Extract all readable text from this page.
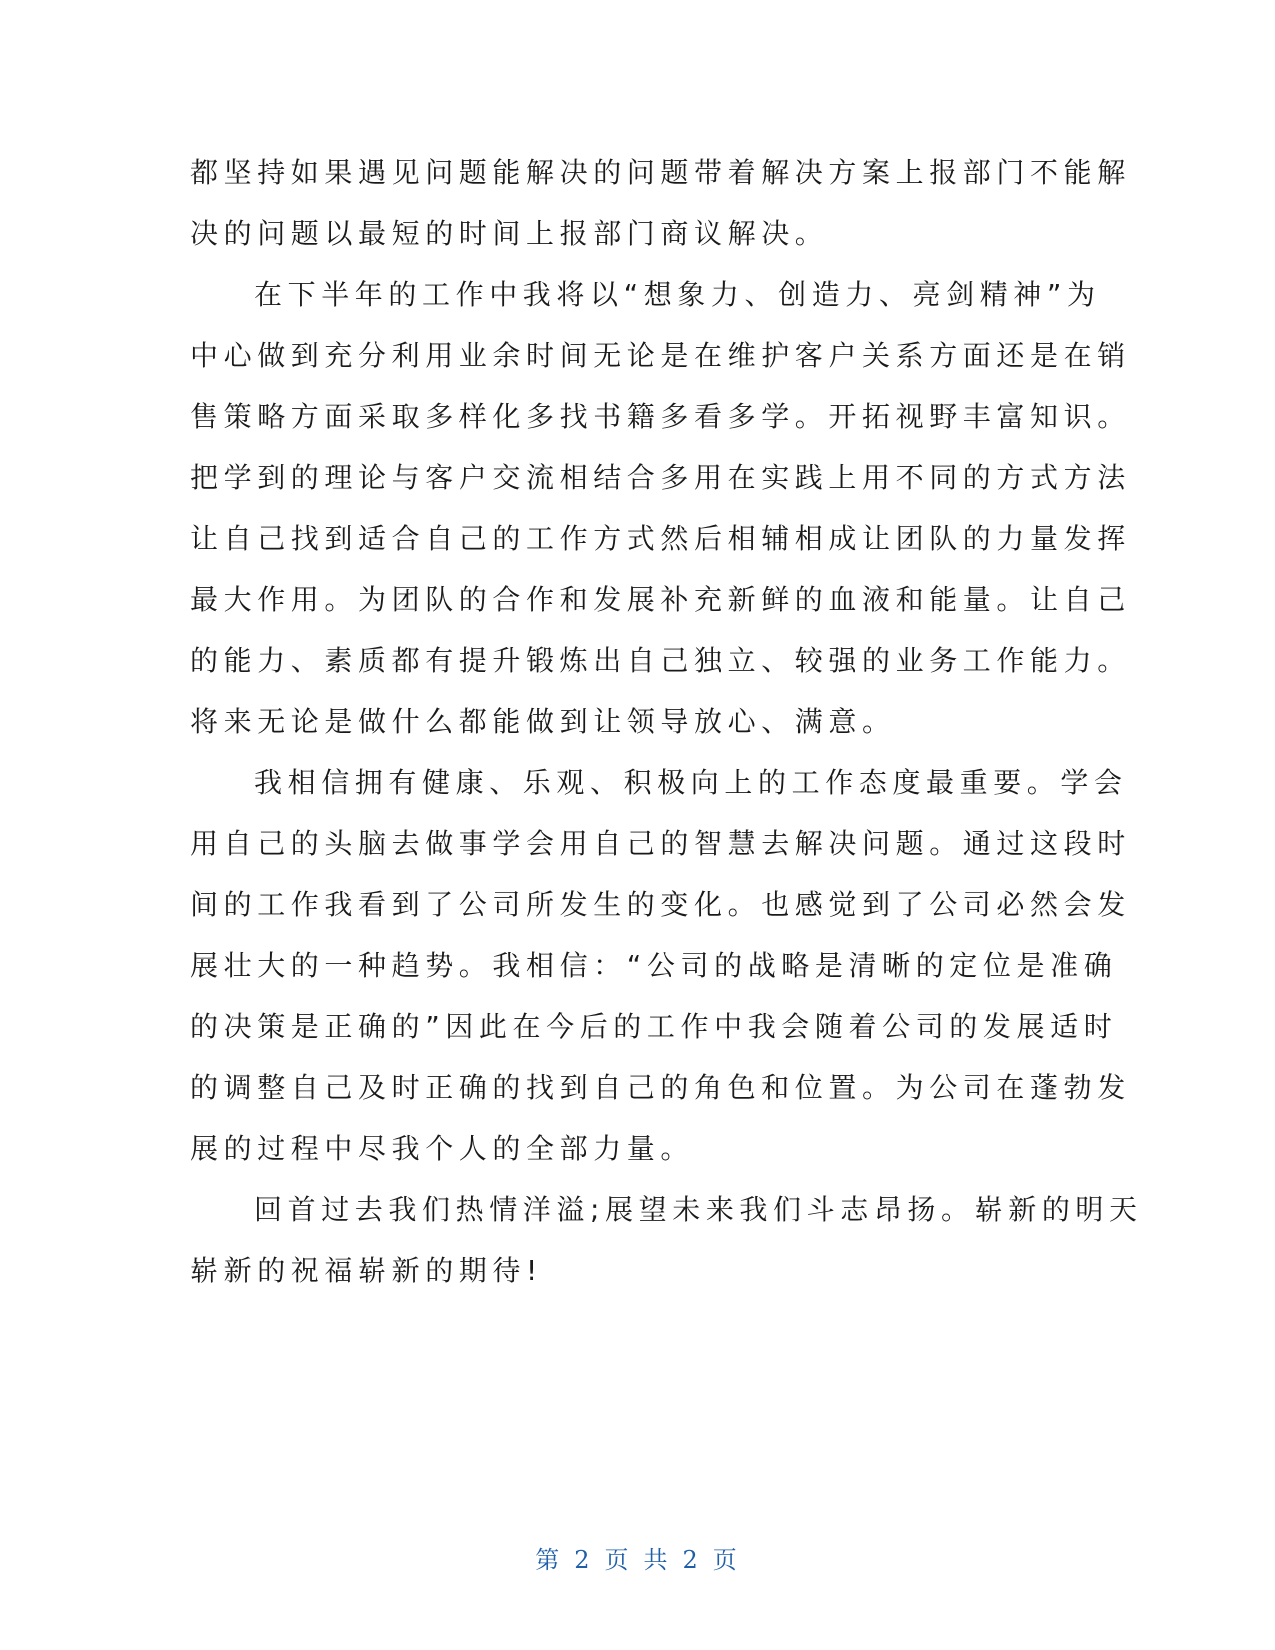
都坚持如果遇见问题能解决的问题带着解决方案上报部门不能解

决的问题以最短的时间上报部门商议解决。

在下半年的工作中我将以“想象力、创造力、亮剑精神”为

中心做到充分利用业余时间无论是在维护客户关系方面还是在销

售策略方面采取多样化多找书籍多看多学。开拓视野丰富知识。

把学到的理论与客户交流相结合多用在实践上用不同的方式方法

让自己找到适合自己的工作方式然后相辅相成让团队的力量发挥

最大作用。为团队的合作和发展补充新鲜的血液和能量。让自己

的能力、素质都有提升锻炼出自己独立、较强的业务工作能力。

将来无论是做什么都能做到让领导放心、满意。

我相信拥有健康、乐观、积极向上的工作态度最重要。学会

用自己的头脑去做事学会用自己的智慧去解决问题。通过这段时

间的工作我看到了公司所发生的变化。也感觉到了公司必然会发

展壮大的一种趋势。我相信：“公司的战略是清晰的定位是准确

的决策是正确的”因此在今后的工作中我会随着公司的发展适时

的调整自己及时正确的找到自己的角色和位置。为公司在蓬勃发

展的过程中尽我个人的全部力量。

回首过去我们热情洋溢;展望未来我们斗志昂扬。崭新的明天

崭新的祝福崭新的期待!

第 2 页 共 2 页
